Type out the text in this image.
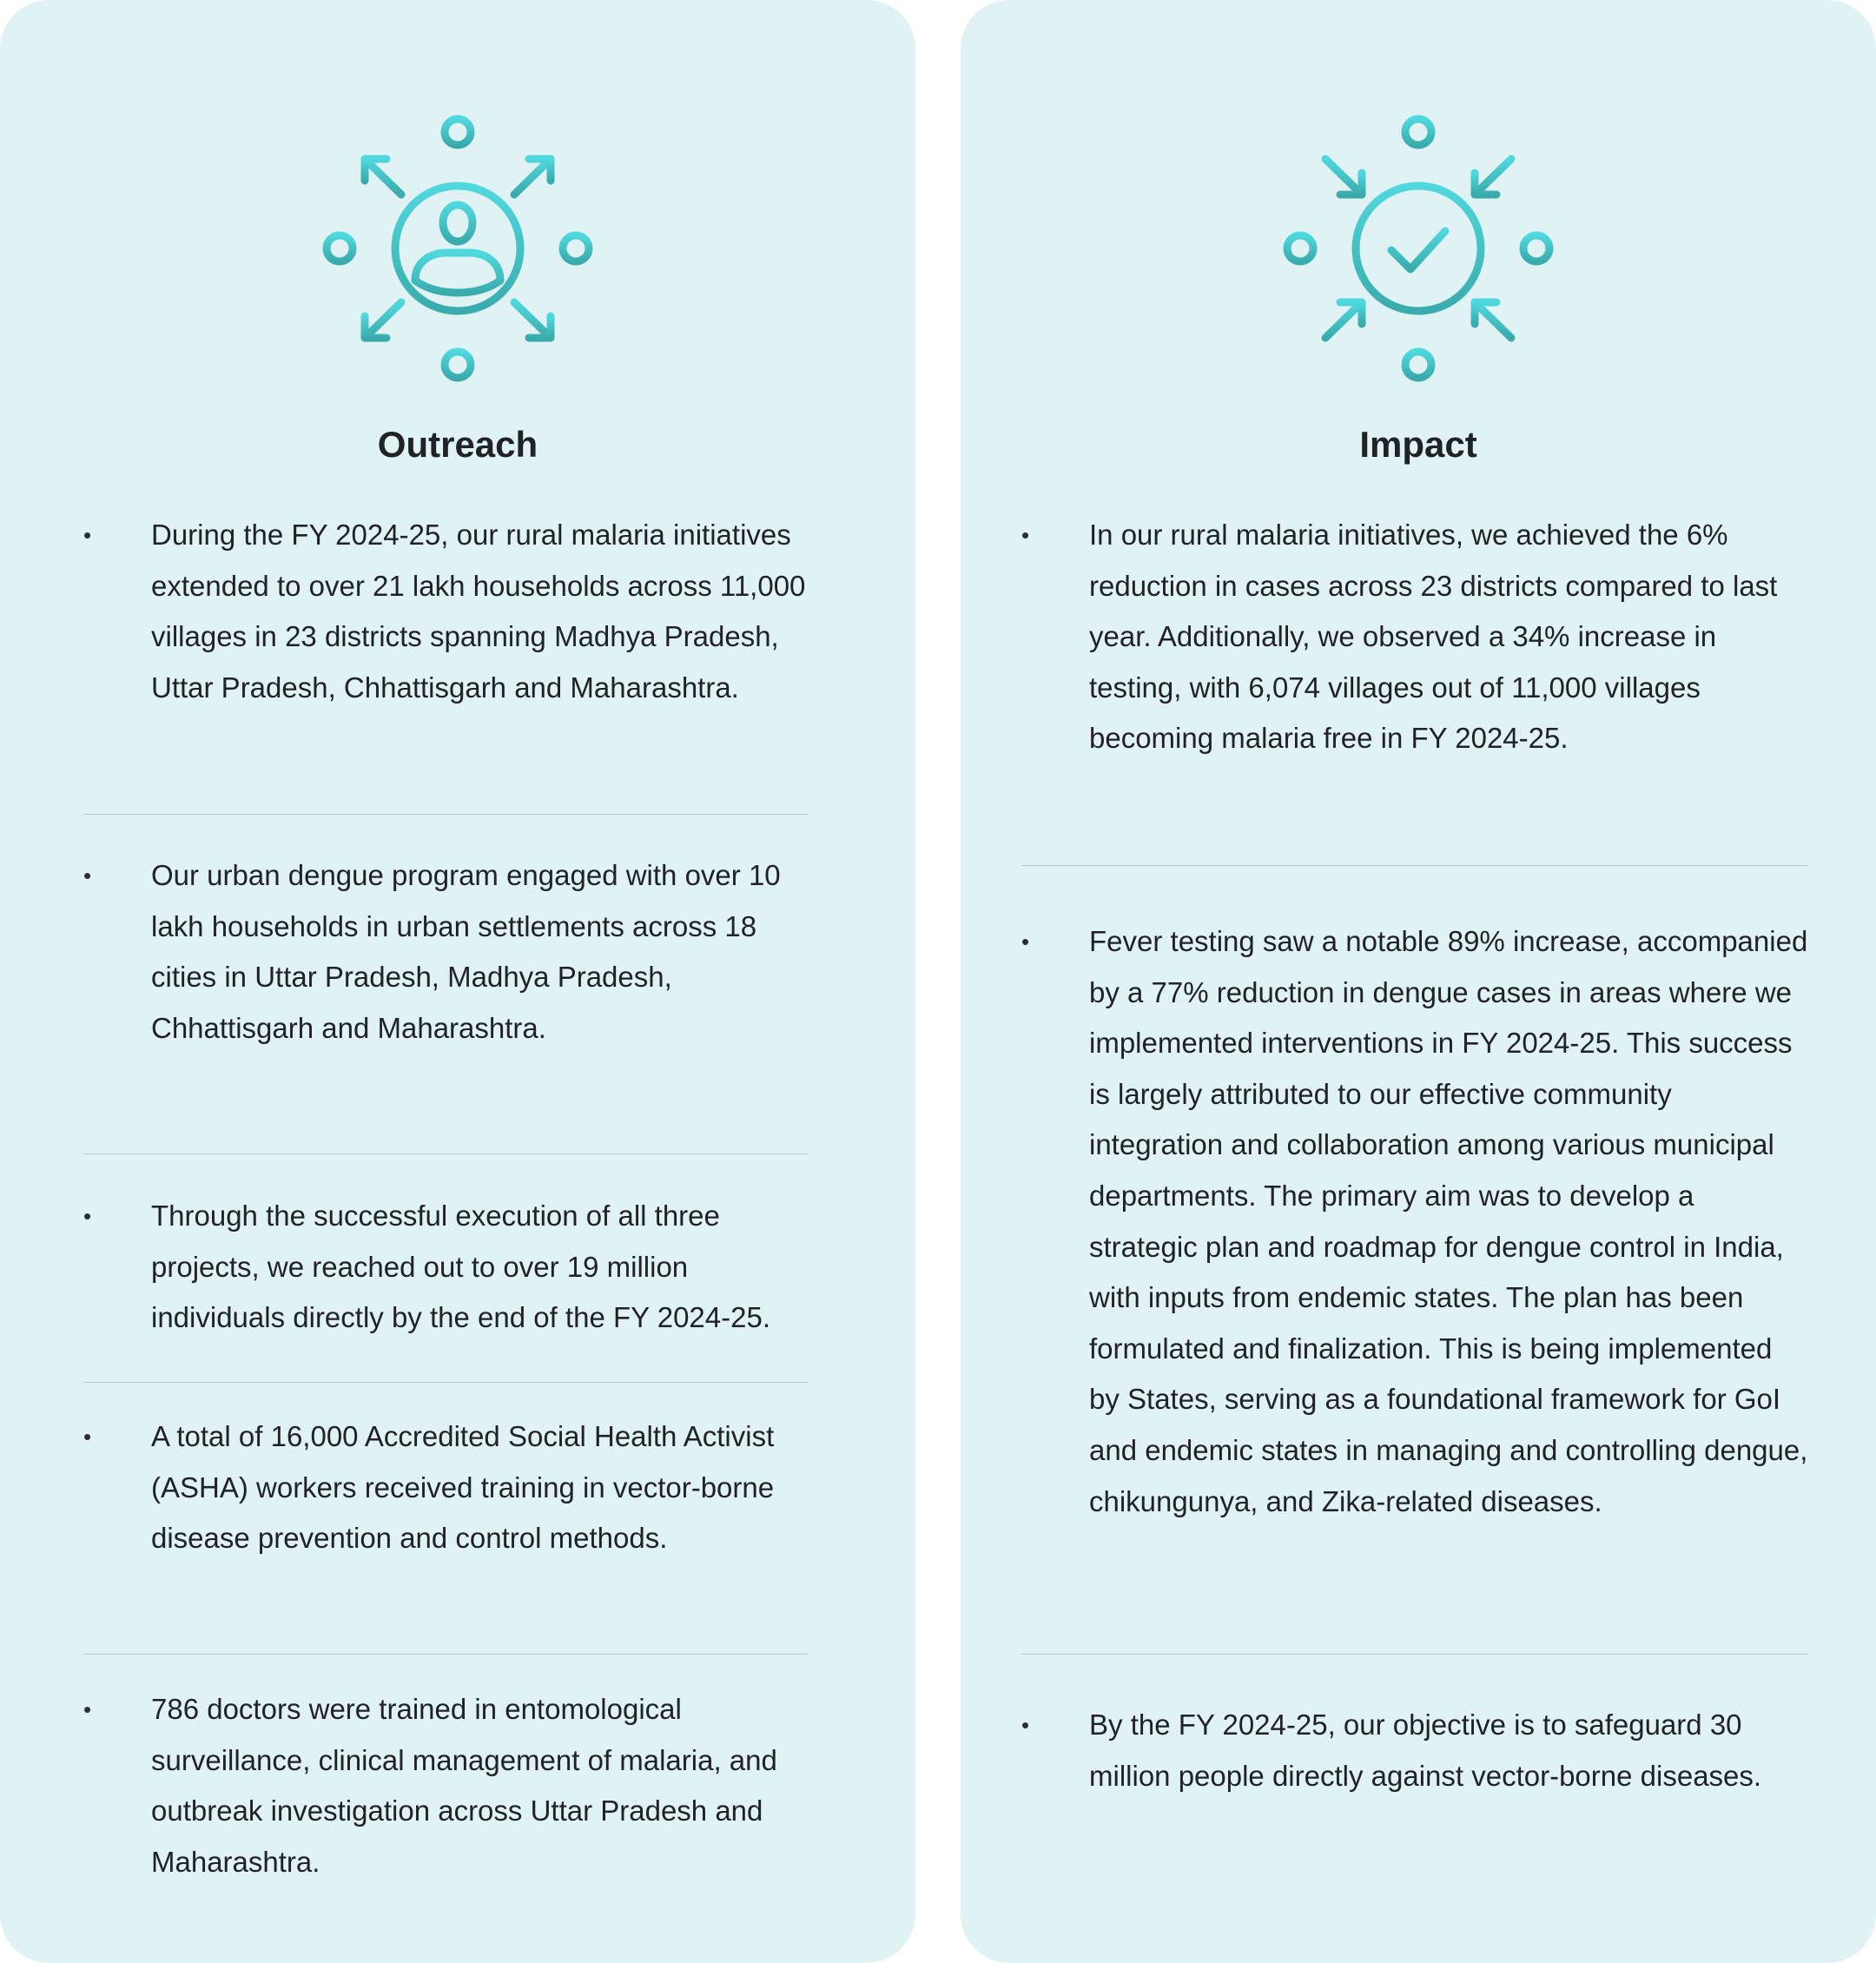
Outreach
•	During the FY 2024-25, our rural malaria initiatives extended to over 21 lakh households across 11,000 villages in 23 districts spanning Madhya Pradesh, Uttar Pradesh, Chhattisgarh and Maharashtra.
•	Our urban dengue program engaged with over 10 lakh households in urban settlements across 18 cities in Uttar Pradesh, Madhya Pradesh, Chhattisgarh and Maharashtra.
•	Through the successful execution of all three projects, we reached out to over 19 million individuals directly by the end of the FY 2024-25.
•	A total of 16,000 Accredited Social Health Activist (ASHA) workers received training in vector-borne disease prevention and control methods.
•	786 doctors were trained in entomological surveillance, clinical management of malaria, and outbreak investigation across Uttar Pradesh and Maharashtra.
Impact
•	In our rural malaria initiatives, we achieved the 6% reduction in cases across 23 districts compared to last year. Additionally, we observed a 34% increase in testing, with 6,074 villages out of 11,000 villages becoming malaria free in FY 2024-25.
•	Fever testing saw a notable 89% increase, accompanied by a 77% reduction in dengue cases in areas where we implemented interventions in FY 2024-25. This success is largely attributed to our effective community integration and collaboration among various municipal departments. The primary aim was to develop a strategic plan and roadmap for dengue control in India, with inputs from endemic states. The plan has been formulated and finalization. This is being implemented by States, serving as a foundational framework for GoI and endemic states in managing and controlling dengue, chikungunya, and Zika-related diseases.
•	By the FY 2024-25, our objective is to safeguard 30 million people directly against vector-borne diseases.
